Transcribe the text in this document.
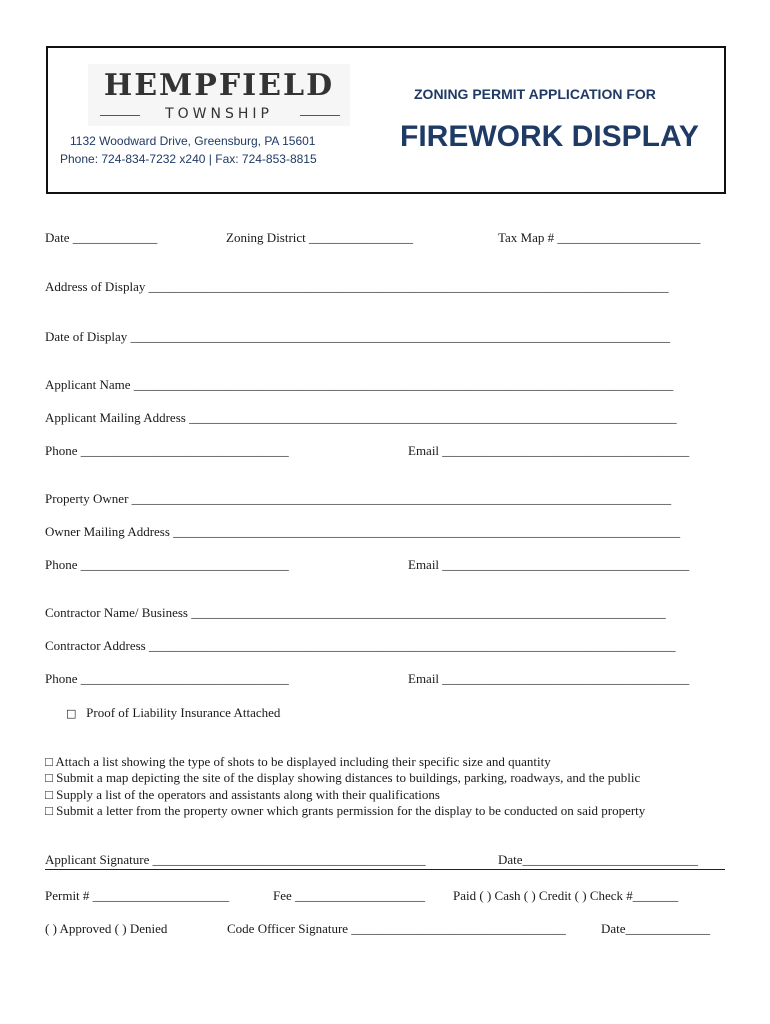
HEMPFIELD
TOWNSHIP
1132 Woodward Drive, Greensburg, PA 15601
Phone: 724-834-7232 x240 | Fax: 724-853-8815
ZONING PERMIT APPLICATION FOR
FIREWORK DISPLAY
Date _____________	Zoning District ________________	Tax Map # ______________________
Address of Display ________________________________________________________________________________
Date of Display ___________________________________________________________________________________
Applicant Name ___________________________________________________________________________________
Applicant Mailing Address ___________________________________________________________________________
Phone ________________________________	Email ______________________________________
Property Owner ___________________________________________________________________________________
Owner Mailing Address ______________________________________________________________________________
Phone ________________________________	Email ______________________________________
Contractor Name/ Business _________________________________________________________________________
Contractor Address _________________________________________________________________________________
Phone ________________________________	Email ______________________________________
□ Proof of Liability Insurance Attached
□ Attach a list showing the type of shots to be displayed including their specific size and quantity
□ Submit a map depicting the site of the display showing distances to buildings, parking, roadways, and the public
□ Supply a list of the operators and assistants along with their qualifications
□ Submit a letter from the property owner which grants permission for the display to be conducted on said property
Applicant Signature __________________________________________	Date___________________________
Permit # _____________________	Fee ____________________ Paid ( ) Cash ( ) Credit ( ) Check #_______
( ) Approved ( ) Denied	Code Officer Signature _________________________________	Date_____________
